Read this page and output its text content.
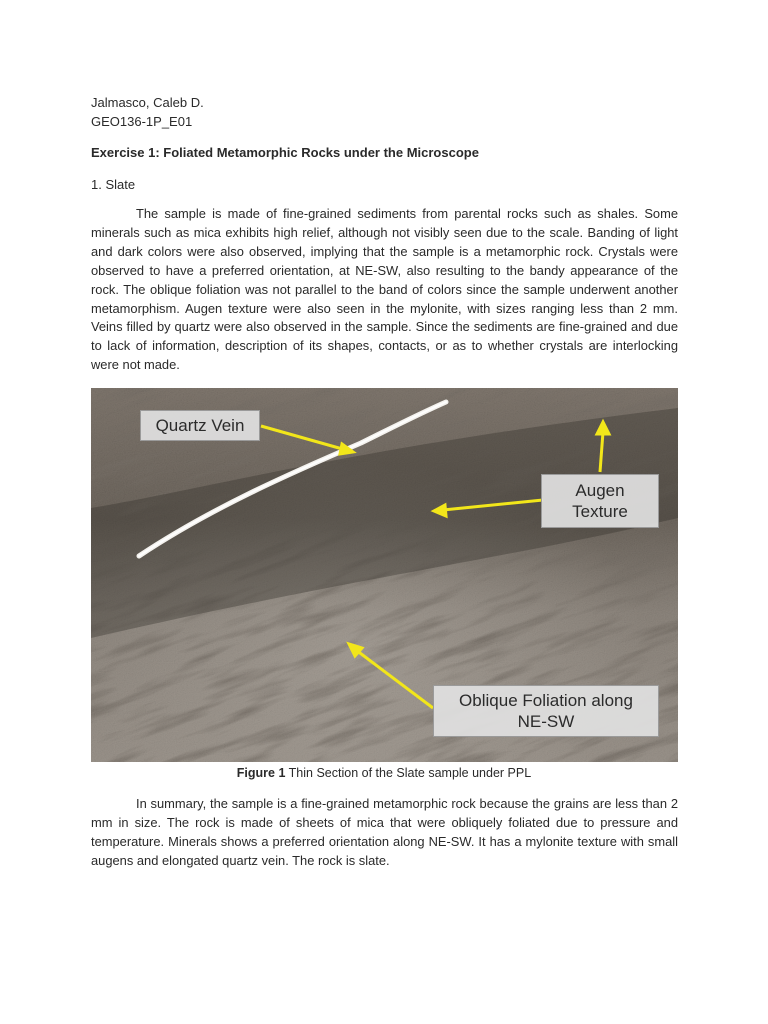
Jalmasco, Caleb D.
GEO136-1P_E01
Exercise 1: Foliated Metamorphic Rocks under the Microscope
1. Slate
The sample is made of fine-grained sediments from parental rocks such as shales. Some minerals such as mica exhibits high relief, although not visibly seen due to the scale. Banding of light and dark colors were also observed, implying that the sample is a metamorphic rock. Crystals were observed to have a preferred orientation, at NE-SW, also resulting to the bandy appearance of the rock. The oblique foliation was not parallel to the band of colors since the sample underwent another metamorphism. Augen texture were also seen in the mylonite, with sizes ranging less than 2 mm. Veins filled by quartz were also observed in the sample. Since the sediments are fine-grained and due to lack of information, description of its shapes, contacts, or as to whether crystals are interlocking were not made.
Quartz Vein
Augen
Texture
Oblique Foliation along
NE-SW
Figure 1 Thin Section of the Slate sample under PPL
In summary, the sample is a fine-grained metamorphic rock because the grains are less than 2 mm in size. The rock is made of sheets of mica that were obliquely foliated due to pressure and temperature. Minerals shows a preferred orientation along NE-SW. It has a mylonite texture with small augens and elongated quartz vein. The rock is slate.
